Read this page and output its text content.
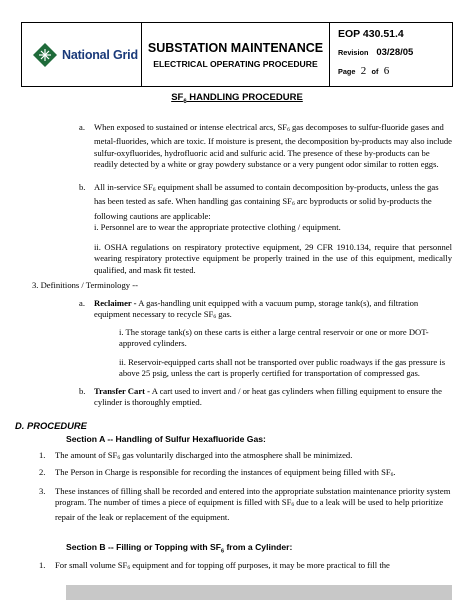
National Grid SUBSTATION MAINTENANCE
ELECTRICAL OPERATING PROCEDURE
EOP 430.51.4
Revision 03/28/05
Page 2 of 6
$SF_6$ HANDLING PROCEDURE
a. When exposed to sustained or intense electrical arcs, $SF_6$ gas decomposes to sulfur-fluoride gases and metal-fluorides, which are toxic. If moisture is present, the decomposition by-products may also include sulfur-oxyfluorides, hydrofluoric acid and sulfuric acid. The presence of these by-products can be readily detected by a white or gray powdery substance or a very pungent odor similar to rotten eggs.
b. All in-service $SF_6$ equipment shall be assumed to contain decomposition by-products, unless the gas has been tested as safe. When handling gas containing $SF_6$ arc byproducts or solid by-products the following cautions are applicable:
i. Personnel are to wear the appropriate protective clothing / equipment.
ii. OSHA regulations on respiratory protective equipment, 29 CFR 1910.134, require that personnel wearing respiratory protective equipment be properly trained in the use of this equipment, medically qualified, and mask fit tested.
3. Definitions / Terminology --
a. Reclaimer - A gas-handling unit equipped with a vacuum pump, storage tank(s), and filtration equipment necessary to recycle $SF_6$ gas.
i. The storage tank(s) on these carts is either a large central reservoir or one or more DOT-approved cylinders.
ii. Reservoir-equipped carts shall not be transported over public roadways if the gas pressure is above 25 psig, unless the cart is properly certified for transportation of compressed gas.
b. Transfer Cart - A cart used to invert and / or heat gas cylinders when filling equipment to ensure the cylinder is thoroughly emptied.
D. PROCEDURE
Section A -- Handling of Sulfur Hexafluoride Gas:
1. The amount of $SF_6$ gas voluntarily discharged into the atmosphere shall be minimized.
2. The Person in Charge is responsible for recording the instances of equipment being filled with $SF_6$.
3. These instances of filling shall be recorded and entered into the appropriate substation maintenance priority system program. The number of times a piece of equipment is filled with $SF_6$ due to a leak will be used to help prioritize repair of the leak or replacement of the equipment.
Section B -- Filling or Topping with $SF_6$ from a Cylinder:
1. For small volume $SF_6$ equipment and for topping off purposes, it may be more practical to fill the
